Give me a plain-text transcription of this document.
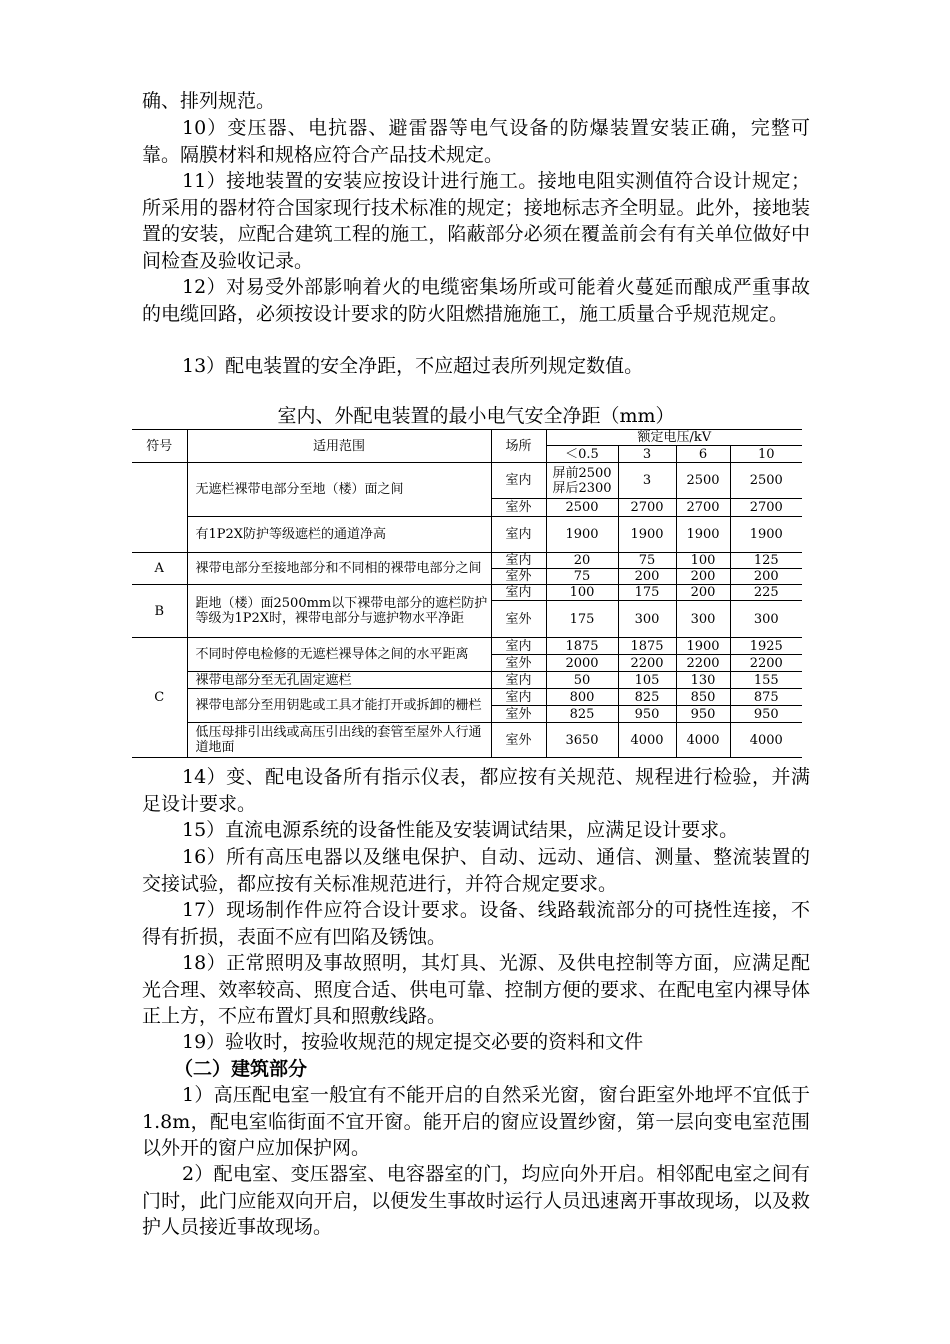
确、排列规范。

10）变压器、电抗器、避雷器等电气设备的防爆装置安装正确，完整可靠。隔膜材料和规格应符合产品技术规定。

11）接地装置的安装应按设计进行施工。接地电阻实测值符合设计规定；所采用的器材符合国家现行技术标准的规定；接地标志齐全明显。此外，接地装置的安装，应配合建筑工程的施工，陷蔽部分必须在覆盖前会有有关单位做好中间检查及验收记录。

12）对易受外部影响着火的电缆密集场所或可能着火蔓延而酿成严重事故的电缆回路，必须按设计要求的防火阻燃措施施工，施工质量合乎规范规定。

13）配电装置的安全净距，不应超过表所列规定数值。

室内、外配电装置的最小电气安全净距（mm）
符号	适用范围	场所	额定电压/kV			
			＜0.5	3	6	10
	无遮栏裸带电部分至地（楼）面之间	室内	屏前2500
屏后2300	3	2500	2500
		室外	2500	2700	2700	2700
	有1P2X防护等级遮栏的通道净高	室内	1900	1900	1900	1900
A	裸带电部分至接地部分和不同相的裸带电部分之间	室内	20	75	100	125
		室外	75	200	200	200
B	距地（楼）面2500mm以下裸带电部分的遮栏防护等级为1P2X时，裸带电部分与遮护物水平净距	室内	100	175	200	225
		室外	175	300	300	300
C	不同时停电检修的无遮栏裸导体之间的水平距离	室内	1875	1875	1900	1925
		室外	2000	2200	2200	2200
	裸带电部分至无孔固定遮栏	室内	50	105	130	155
	裸带电部分至用钥匙或工具才能打开或拆卸的栅栏	室内	800	825	850	875
		室外	825	950	950	950
	低压母排引出线或高压引出线的套管至屋外人行通道地面	室外	3650	4000	4000	4000

14）变、配电设备所有指示仪表，都应按有关规范、规程进行检验，并满足设计要求。

15）直流电源系统的设备性能及安装调试结果，应满足设计要求。

16）所有高压电器以及继电保护、自动、远动、通信、测量、整流装置的交接试验，都应按有关标准规范进行，并符合规定要求。

17）现场制作件应符合设计要求。设备、线路载流部分的可挠性连接，不得有折损，表面不应有凹陷及锈蚀。

18）正常照明及事故照明，其灯具、光源、及供电控制等方面，应满足配光合理、效率较高、照度合适、供电可靠、控制方便的要求、在配电室内裸导体正上方，不应布置灯具和照敷线路。

19）验收时，按验收规范的规定提交必要的资料和文件

（二）建筑部分

1）高压配电室一般宜有不能开启的自然采光窗，窗台距室外地坪不宜低于1.8m，配电室临街面不宜开窗。能开启的窗应设置纱窗，第一层向变电室范围以外开的窗户应加保护网。

2）配电室、变压器室、电容器室的门，均应向外开启。相邻配电室之间有门时，此门应能双向开启，以便发生事故时运行人员迅速离开事故现场，以及救护人员接近事故现场。
